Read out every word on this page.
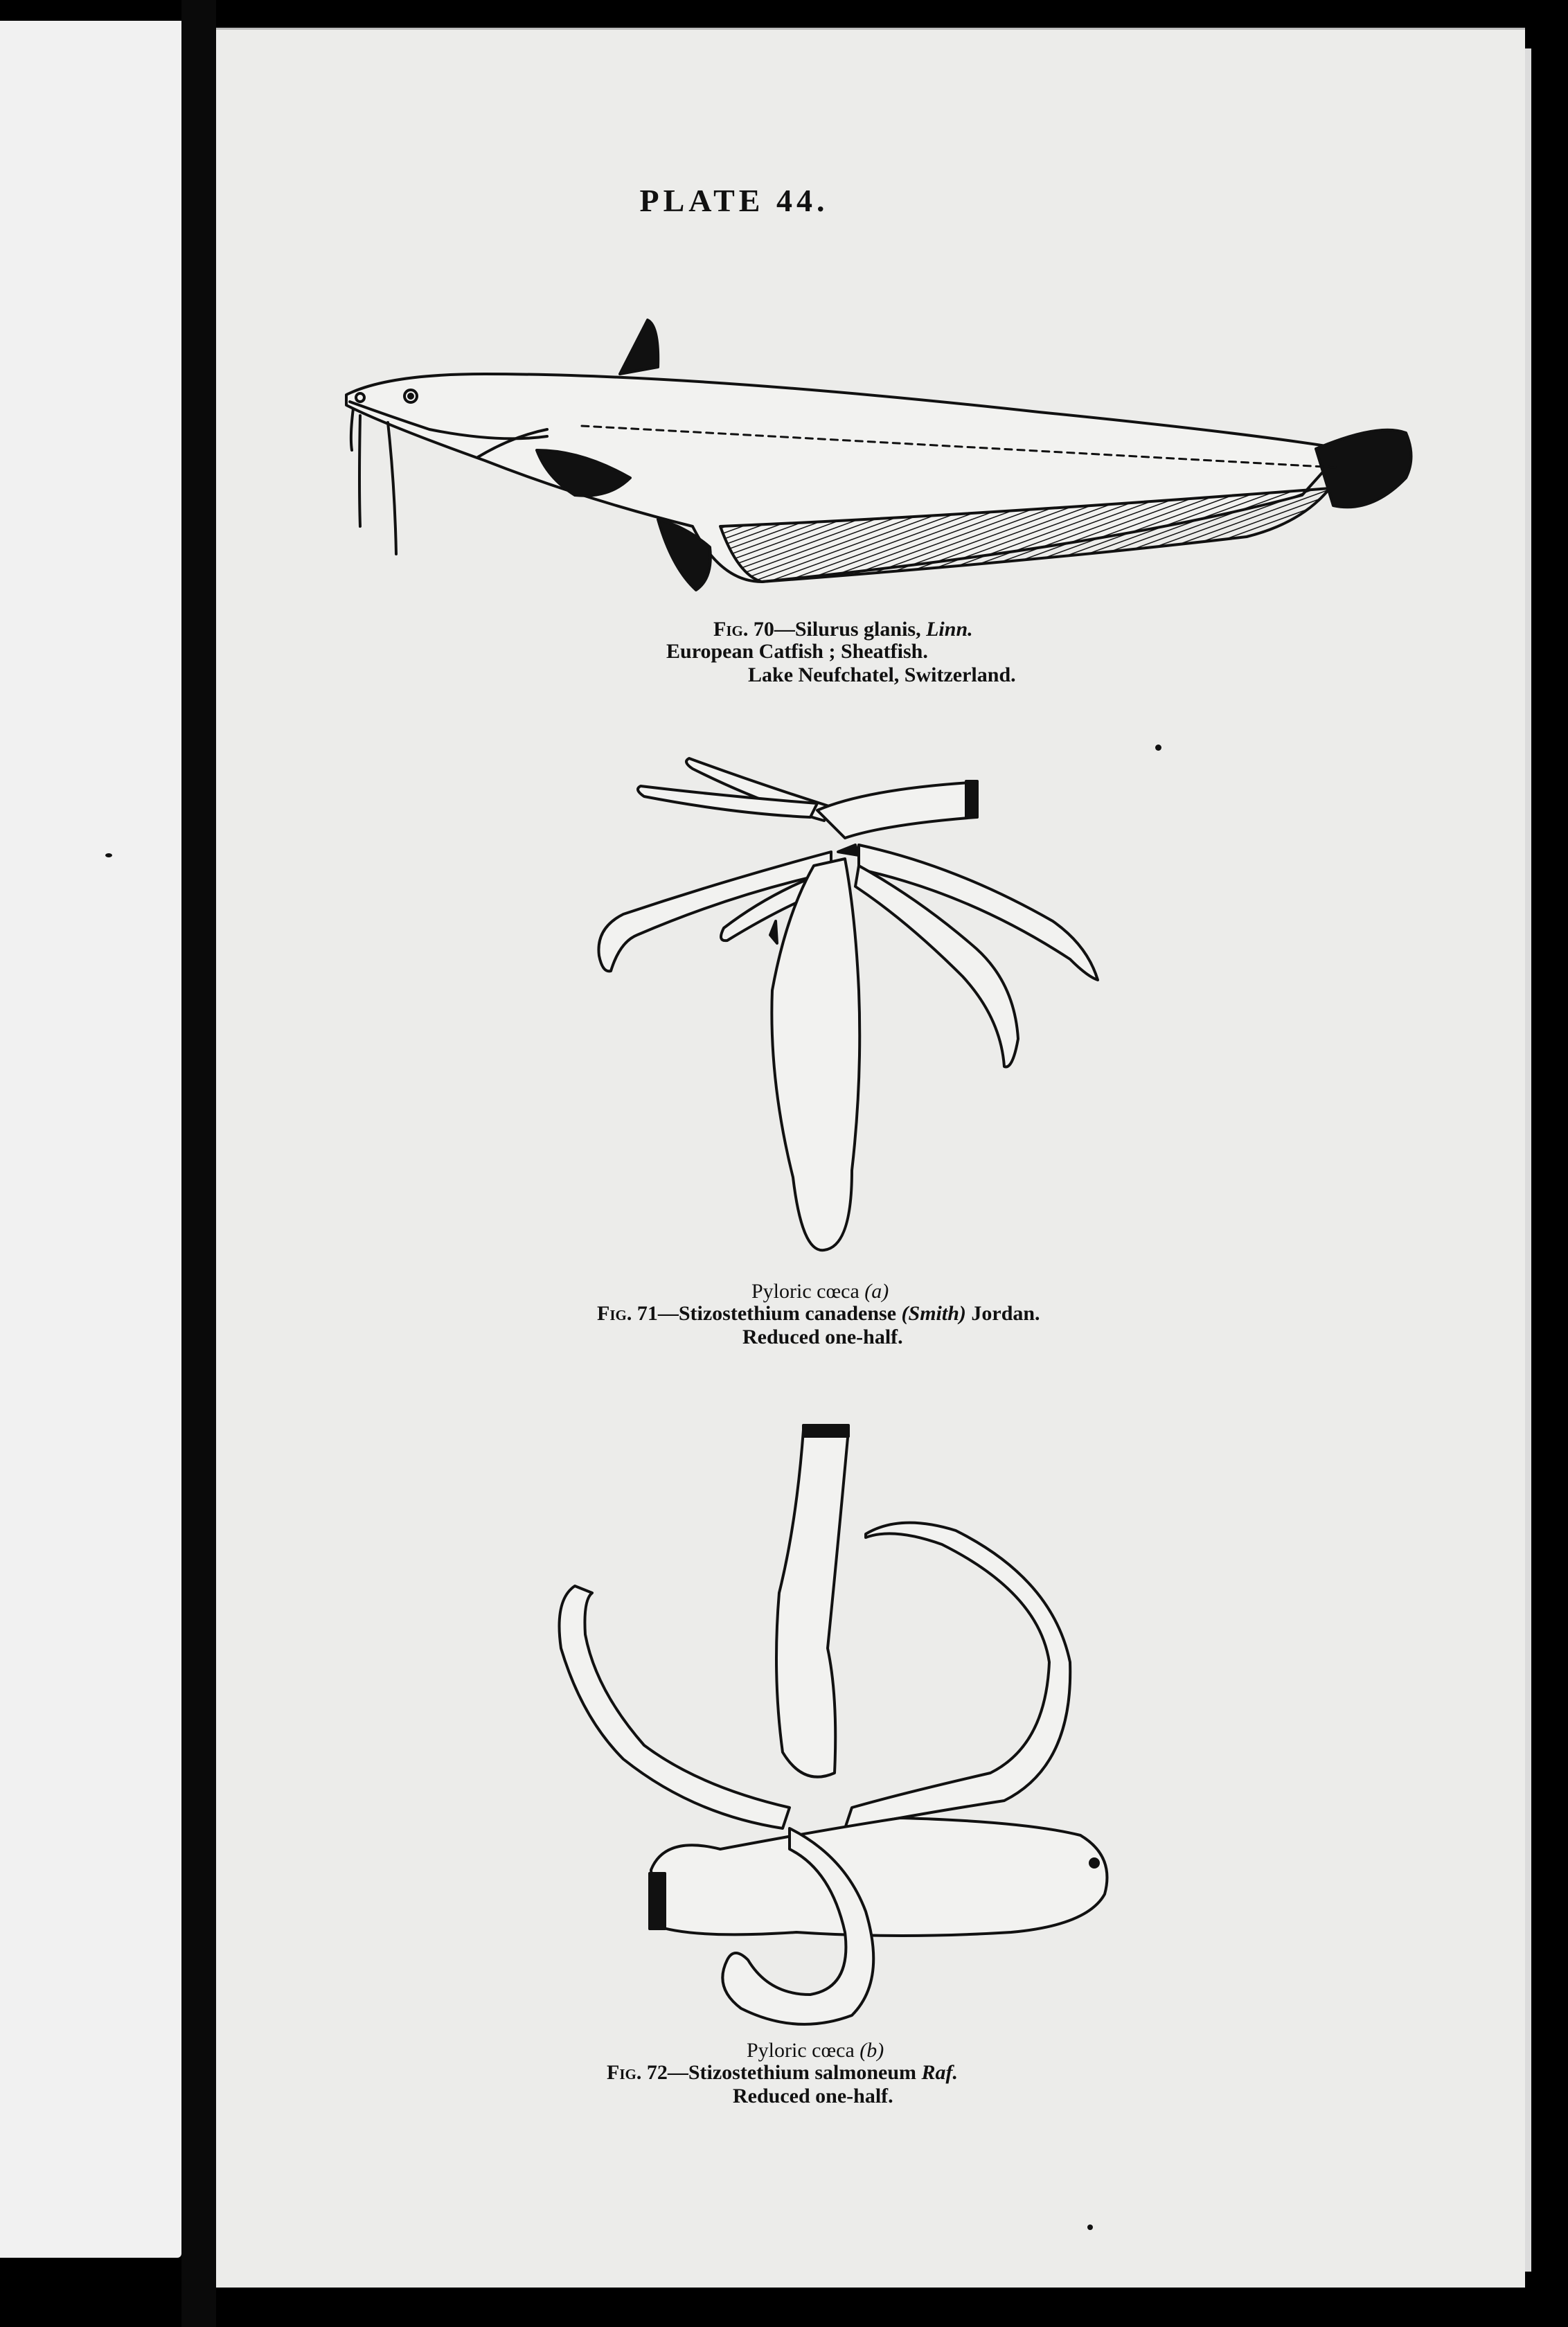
PLATE 44.
Fig. 70—Silurus glanis, Linn.
European Catfish ; Sheatfish.
Lake Neufchatel, Switzerland.
Pyloric cœca (a)
Fig. 71—Stizostethium canadense (Smith) Jordan.
Reduced one-half.
Pyloric cœca (b)
Fig. 72—Stizostethium salmoneum Raf.
Reduced one-half.
